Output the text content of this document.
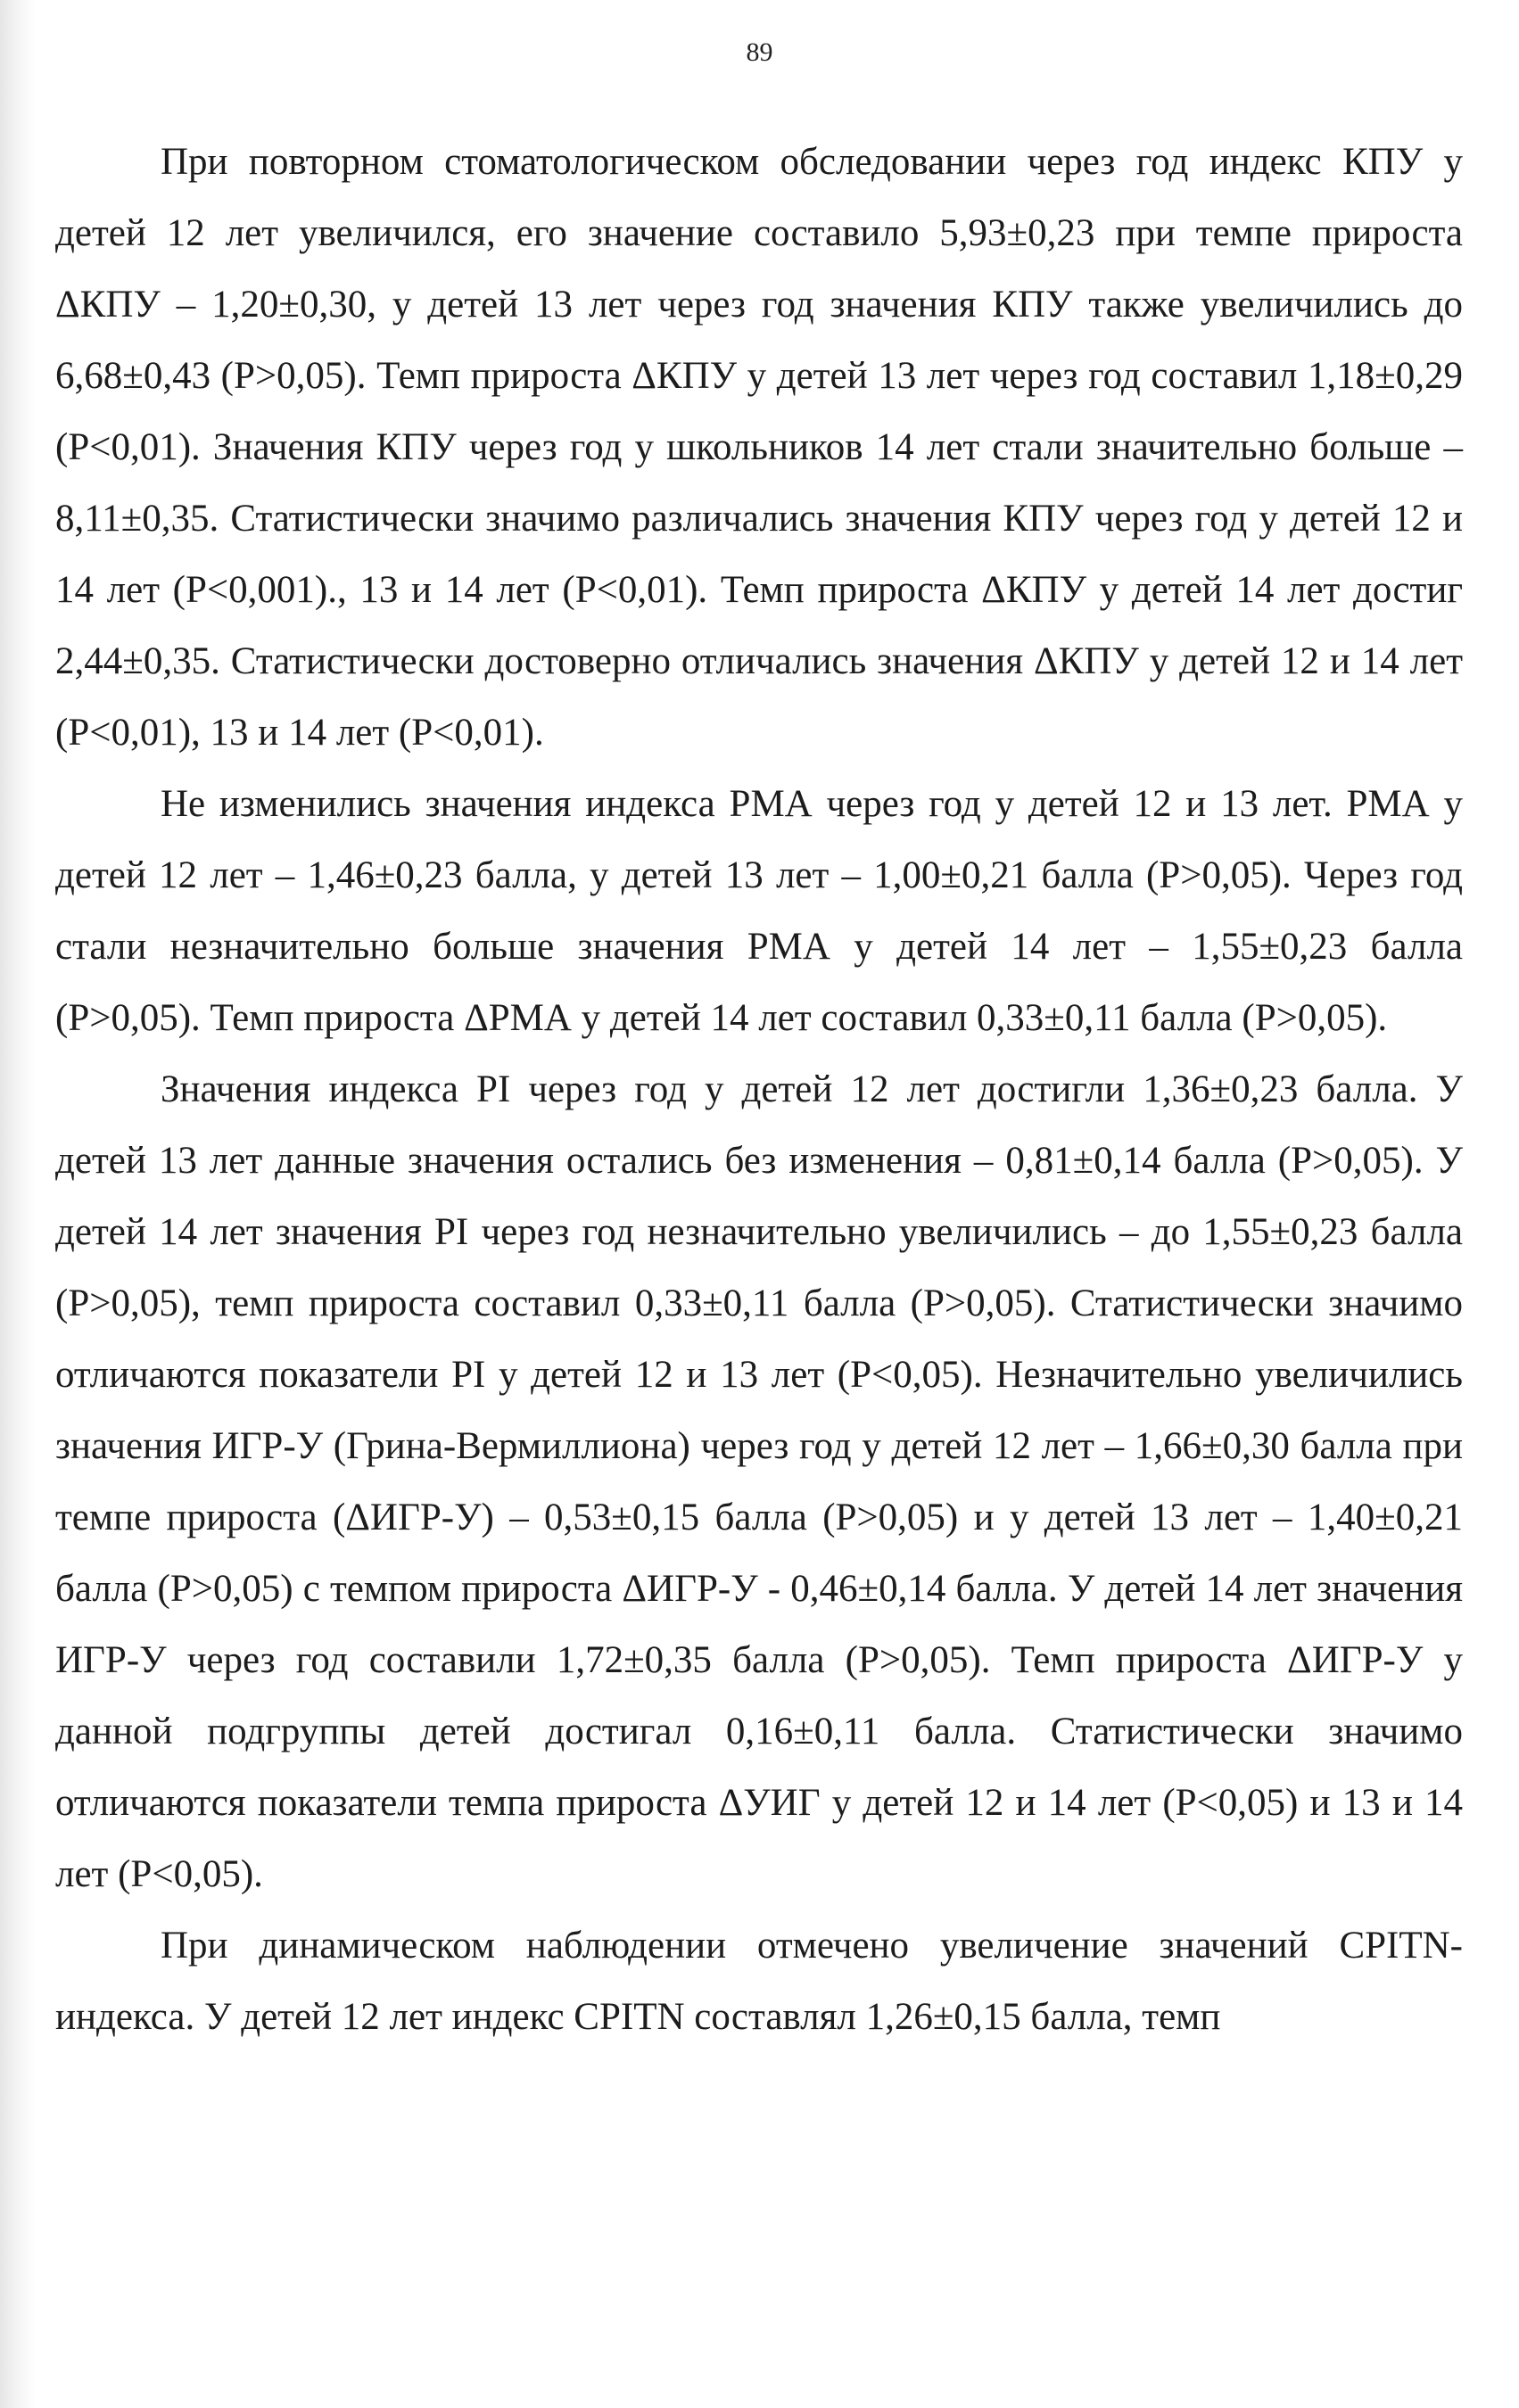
89

При повторном стоматологическом обследовании через год индекс КПУ у детей 12 лет увеличился, его значение составило 5,93±0,23 при темпе прироста ΔКПУ – 1,20±0,30, у детей 13 лет через год значения КПУ также увеличились до 6,68±0,43 (Р>0,05). Темп прироста ΔКПУ у детей 13 лет через год составил 1,18±0,29 (Р<0,01). Значения КПУ через год у школьников 14 лет стали значительно больше – 8,11±0,35. Статистически значимо различались значения КПУ через год у детей 12 и 14 лет (Р<0,001)., 13 и 14 лет (Р<0,01). Темп прироста ΔКПУ у детей 14 лет достиг 2,44±0,35. Статистически достоверно отличались значения ΔКПУ у детей 12 и 14 лет (Р<0,01), 13 и 14 лет (Р<0,01).

Не изменились значения индекса РМА через год у детей 12 и 13 лет. РМА у детей 12 лет – 1,46±0,23 балла, у детей 13 лет – 1,00±0,21 балла (Р>0,05). Через год стали незначительно больше значения РМА у детей 14 лет – 1,55±0,23 балла (Р>0,05). Темп прироста ΔРМА у детей 14 лет составил 0,33±0,11 балла (Р>0,05).

Значения индекса PI через год у детей 12 лет достигли 1,36±0,23 балла. У детей 13 лет данные значения остались без изменения – 0,81±0,14 балла (Р>0,05). У детей 14 лет значения PI через год незначительно увеличились – до 1,55±0,23 балла (Р>0,05), темп прироста составил 0,33±0,11 балла (Р>0,05). Статистически значимо отличаются показатели PI у детей 12 и 13 лет (Р<0,05). Незначительно увеличились значения ИГР-У (Грина-Вермиллиона) через год у детей 12 лет – 1,66±0,30 балла при темпе прироста (ΔИГР-У) – 0,53±0,15 балла (Р>0,05) и у детей 13 лет – 1,40±0,21 балла (Р>0,05) с темпом прироста ΔИГР-У - 0,46±0,14 балла. У детей 14 лет значения ИГР-У через год составили 1,72±0,35 балла (Р>0,05). Темп прироста ΔИГР-У у данной подгруппы детей достигал 0,16±0,11 балла. Статистически значимо отличаются показатели темпа прироста ΔУИГ у детей 12 и 14 лет (Р<0,05) и 13 и 14 лет (Р<0,05).

При динамическом наблюдении отмечено увеличение значений CPITN-индекса. У детей 12 лет индекс CPITN составлял 1,26±0,15 балла, темп
